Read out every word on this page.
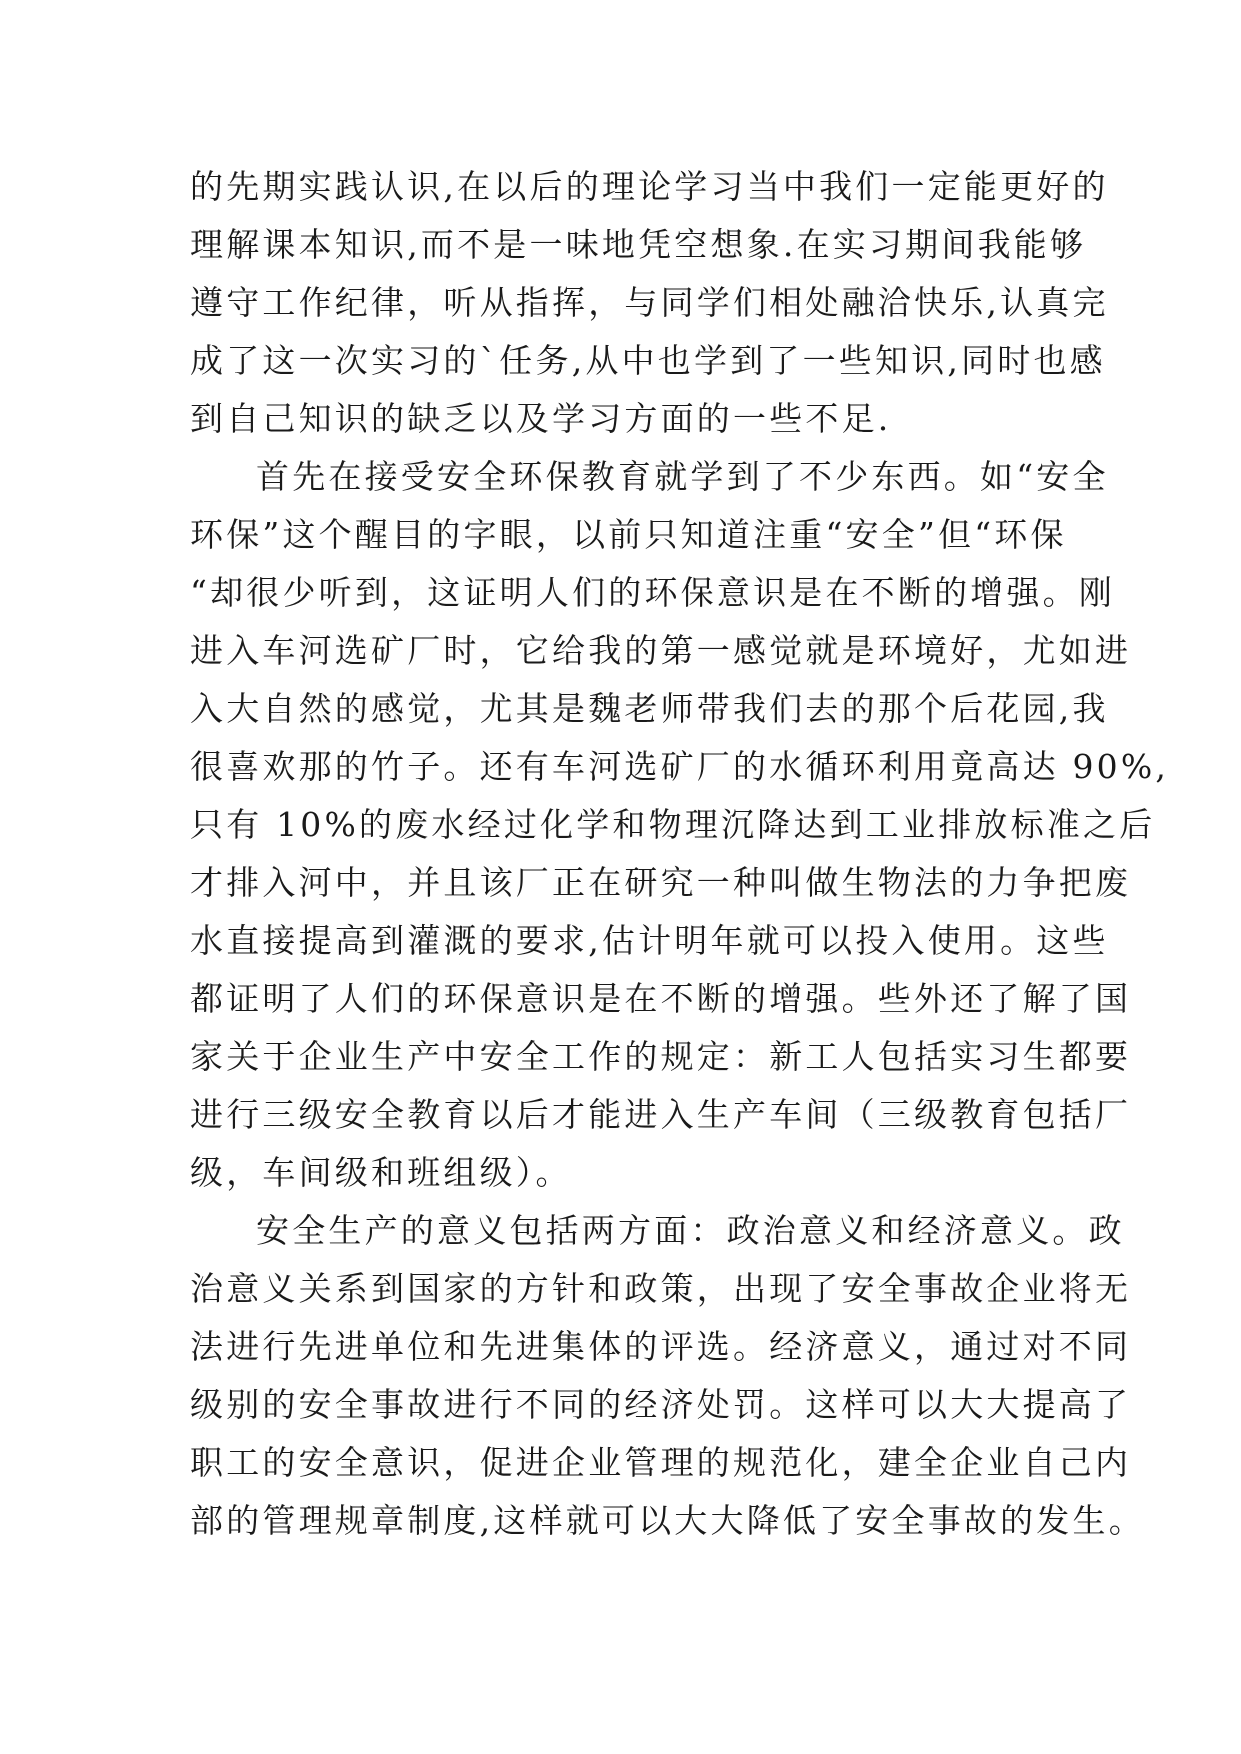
的先期实践认识,在以后的理论学习当中我们一定能更好的
理解课本知识,而不是一味地凭空想象.在实习期间我能够
遵守工作纪律，听从指挥，与同学们相处融洽快乐,认真完
成了这一次实习的`任务,从中也学到了一些知识,同时也感
到自己知识的缺乏以及学习方面的一些不足.
首先在接受安全环保教育就学到了不少东西。如“安全
环保”这个醒目的字眼，以前只知道注重“安全”但“环保
“却很少听到，这证明人们的环保意识是在不断的增强。刚
进入车河选矿厂时，它给我的第一感觉就是环境好，尤如进
入大自然的感觉，尤其是魏老师带我们去的那个后花园,我
很喜欢那的竹子。还有车河选矿厂的水循环利用竟高达 90%,
只有 10%的废水经过化学和物理沉降达到工业排放标准之后
才排入河中，并且该厂正在研究一种叫做生物法的力争把废
水直接提高到灌溉的要求,估计明年就可以投入使用。这些
都证明了人们的环保意识是在不断的增强。些外还了解了国
家关于企业生产中安全工作的规定：新工人包括实习生都要
进行三级安全教育以后才能进入生产车间（三级教育包括厂
级，车间级和班组级）。
安全生产的意义包括两方面：政治意义和经济意义。政
治意义关系到国家的方针和政策，出现了安全事故企业将无
法进行先进单位和先进集体的评选。经济意义，通过对不同
级别的安全事故进行不同的经济处罚。这样可以大大提高了
职工的安全意识，促进企业管理的规范化，建全企业自己内
部的管理规章制度,这样就可以大大降低了安全事故的发生。
